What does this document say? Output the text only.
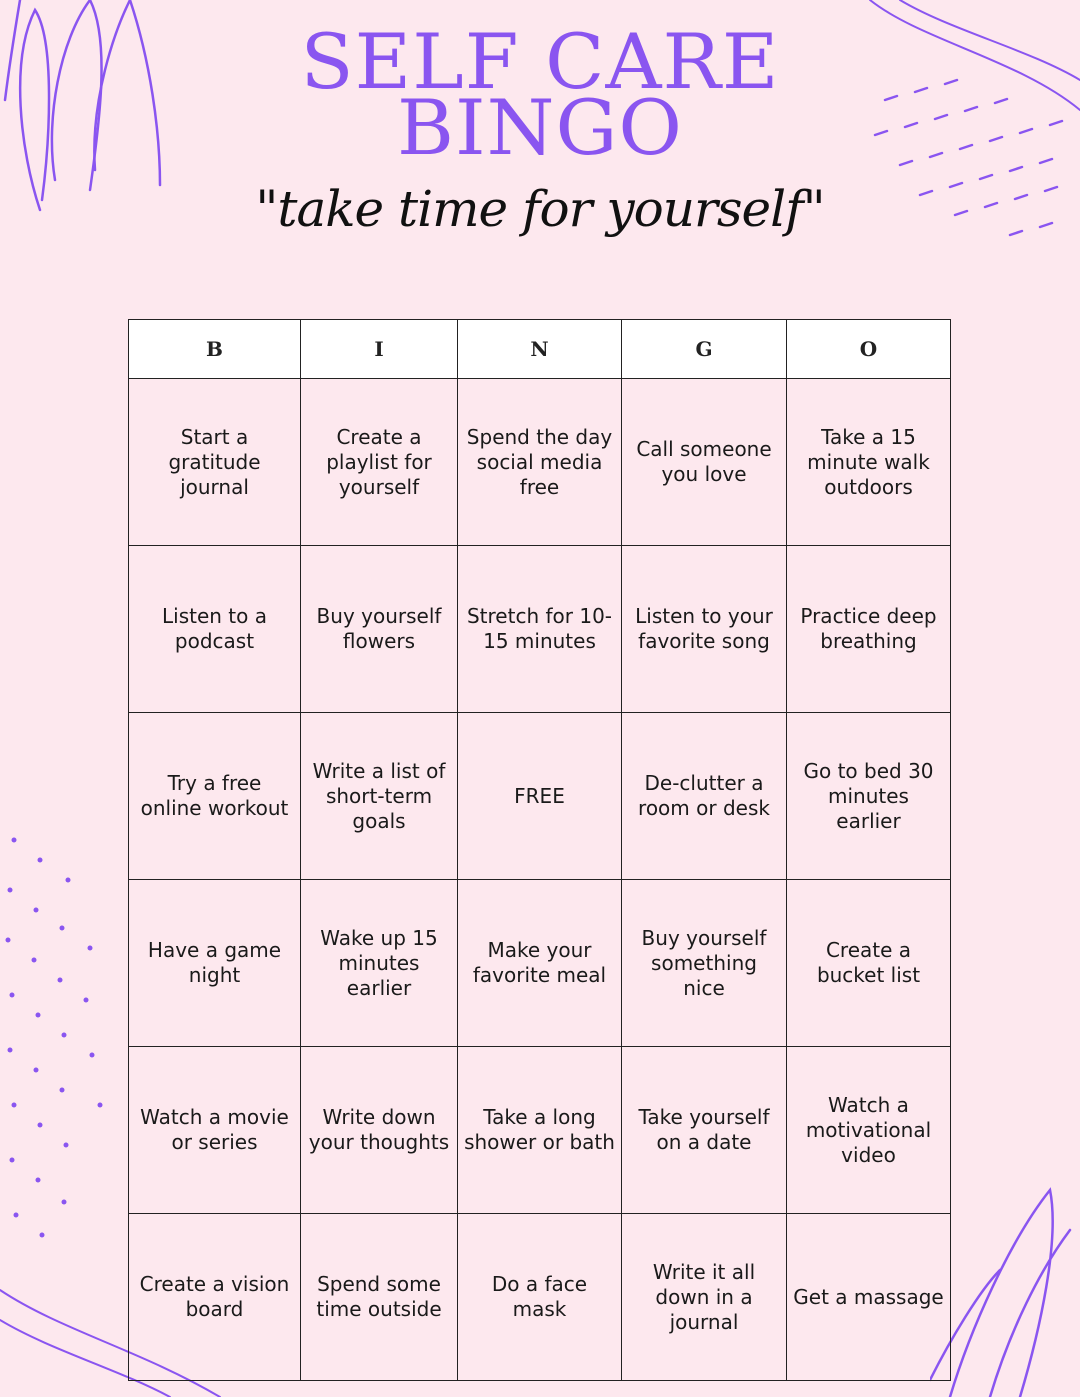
SELF CARE
BINGO
"take time for yourself"
B	I	N	G	O
Start a gratitude journal	Create a playlist for yourself	Spend the day social media free	Call someone you love	Take a 15 minute walk outdoors
Listen to a podcast	Buy yourself flowers	Stretch for 10-15 minutes	Listen to your favorite song	Practice deep breathing
Try a free online workout	Write a list of short-term goals	FREE	De-clutter a room or desk	Go to bed 30 minutes earlier
Have a game night	Wake up 15 minutes earlier	Make your favorite meal	Buy yourself something nice	Create a bucket list
Watch a movie or series	Write down your thoughts	Take a long shower or bath	Take yourself on a date	Watch a motivational video
Create a vision board	Spend some time outside	Do a face mask	Write it all down in a journal	Get a massage
